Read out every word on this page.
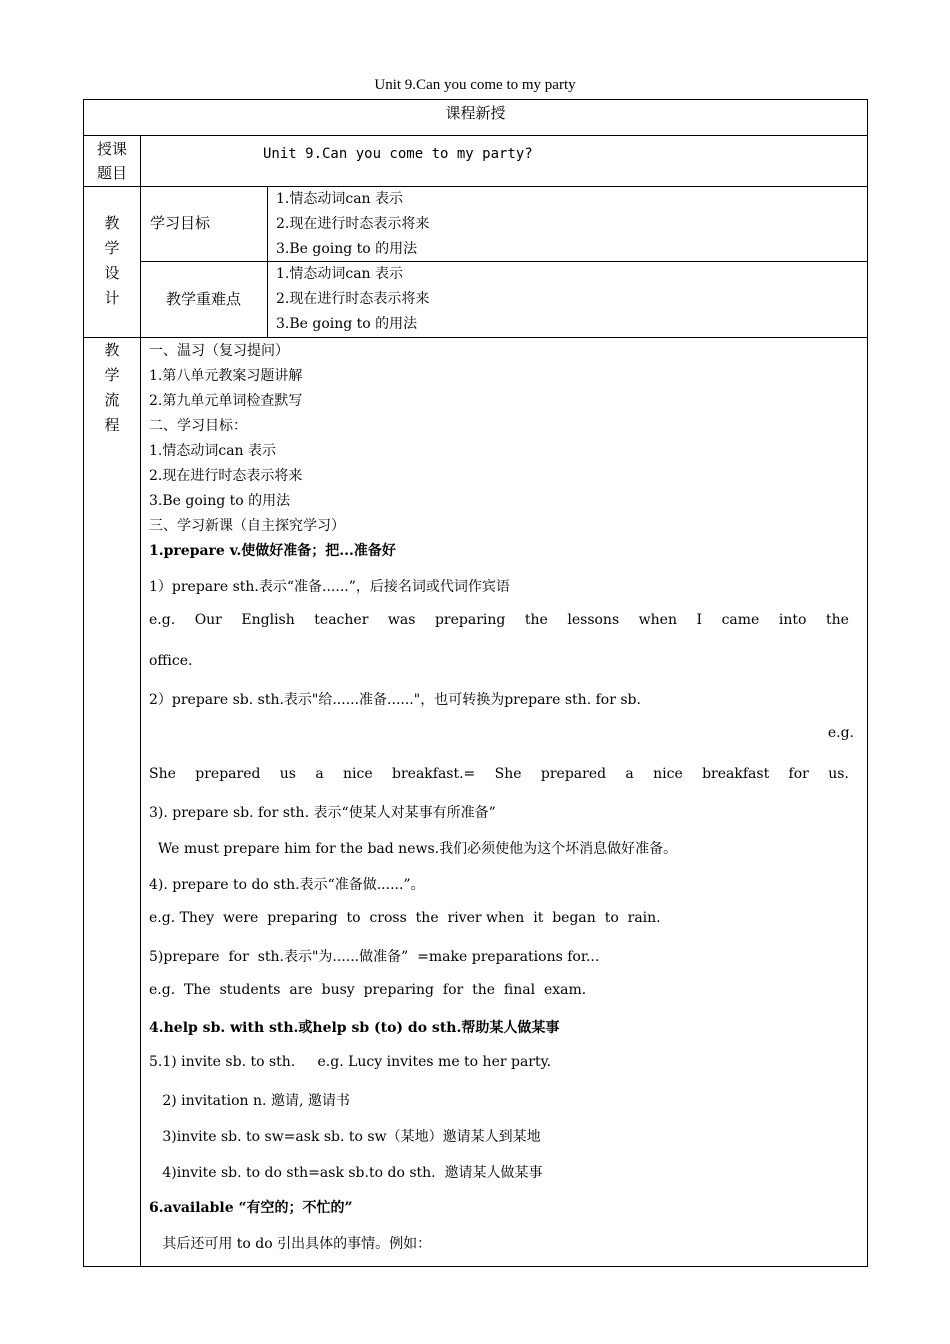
Unit 9.Can you come to my party
课程新授
授课
题目
Unit 9.Can you come to my party?
教
学
设
计
学习目标
1.情态动词can 表示
2.现在进行时态表示将来
3.Be going to 的用法
教学重难点
1.情态动词can 表示
2.现在进行时态表示将来
3.Be going to 的用法
教
学
流
程
一、温习（复习提问）
1.第八单元教案习题讲解
2.第九单元单词检查默写
二、学习目标：
1.情态动词can 表示
2.现在进行时态表示将来
3.Be going to 的用法
三、学习新课（自主探究学习）
1.prepare v.使做好准备；把...准备好
1）prepare sth.表示“准备......”，后接名词或代词作宾语
e.g. Our English teacher was preparing the lessons when I came into the
office.
2）prepare sb. sth.表示"给......准备......"，也可转换为prepare sth. for sb.
e.g.
She prepared us a nice breakfast.= She prepared a nice breakfast for us.
3). prepare sb. for sth. 表示“使某人对某事有所准备”
We must prepare him for the bad news.我们必须使他为这个坏消息做好准备。
4). prepare to do sth.表示“准备做......”。
e.g. They  were  preparing  to  cross  the  river when  it  began  to  rain.
5)prepare  for  sth.表示"为......做准备”  =make preparations for...
e.g.  The  students  are  busy  preparing  for  the  final  exam.
4.help sb. with sth.或help sb (to) do sth.帮助某人做某事
5.1) invite sb. to sth.     e.g. Lucy invites me to her party.
2) invitation n. 邀请, 邀请书
3)invite sb. to sw=ask sb. to sw（某地）邀请某人到某地
4)invite sb. to do sth=ask sb.to do sth.  邀请某人做某事
6.available “有空的；不忙的”
其后还可用 to do 引出具体的事情。例如：
